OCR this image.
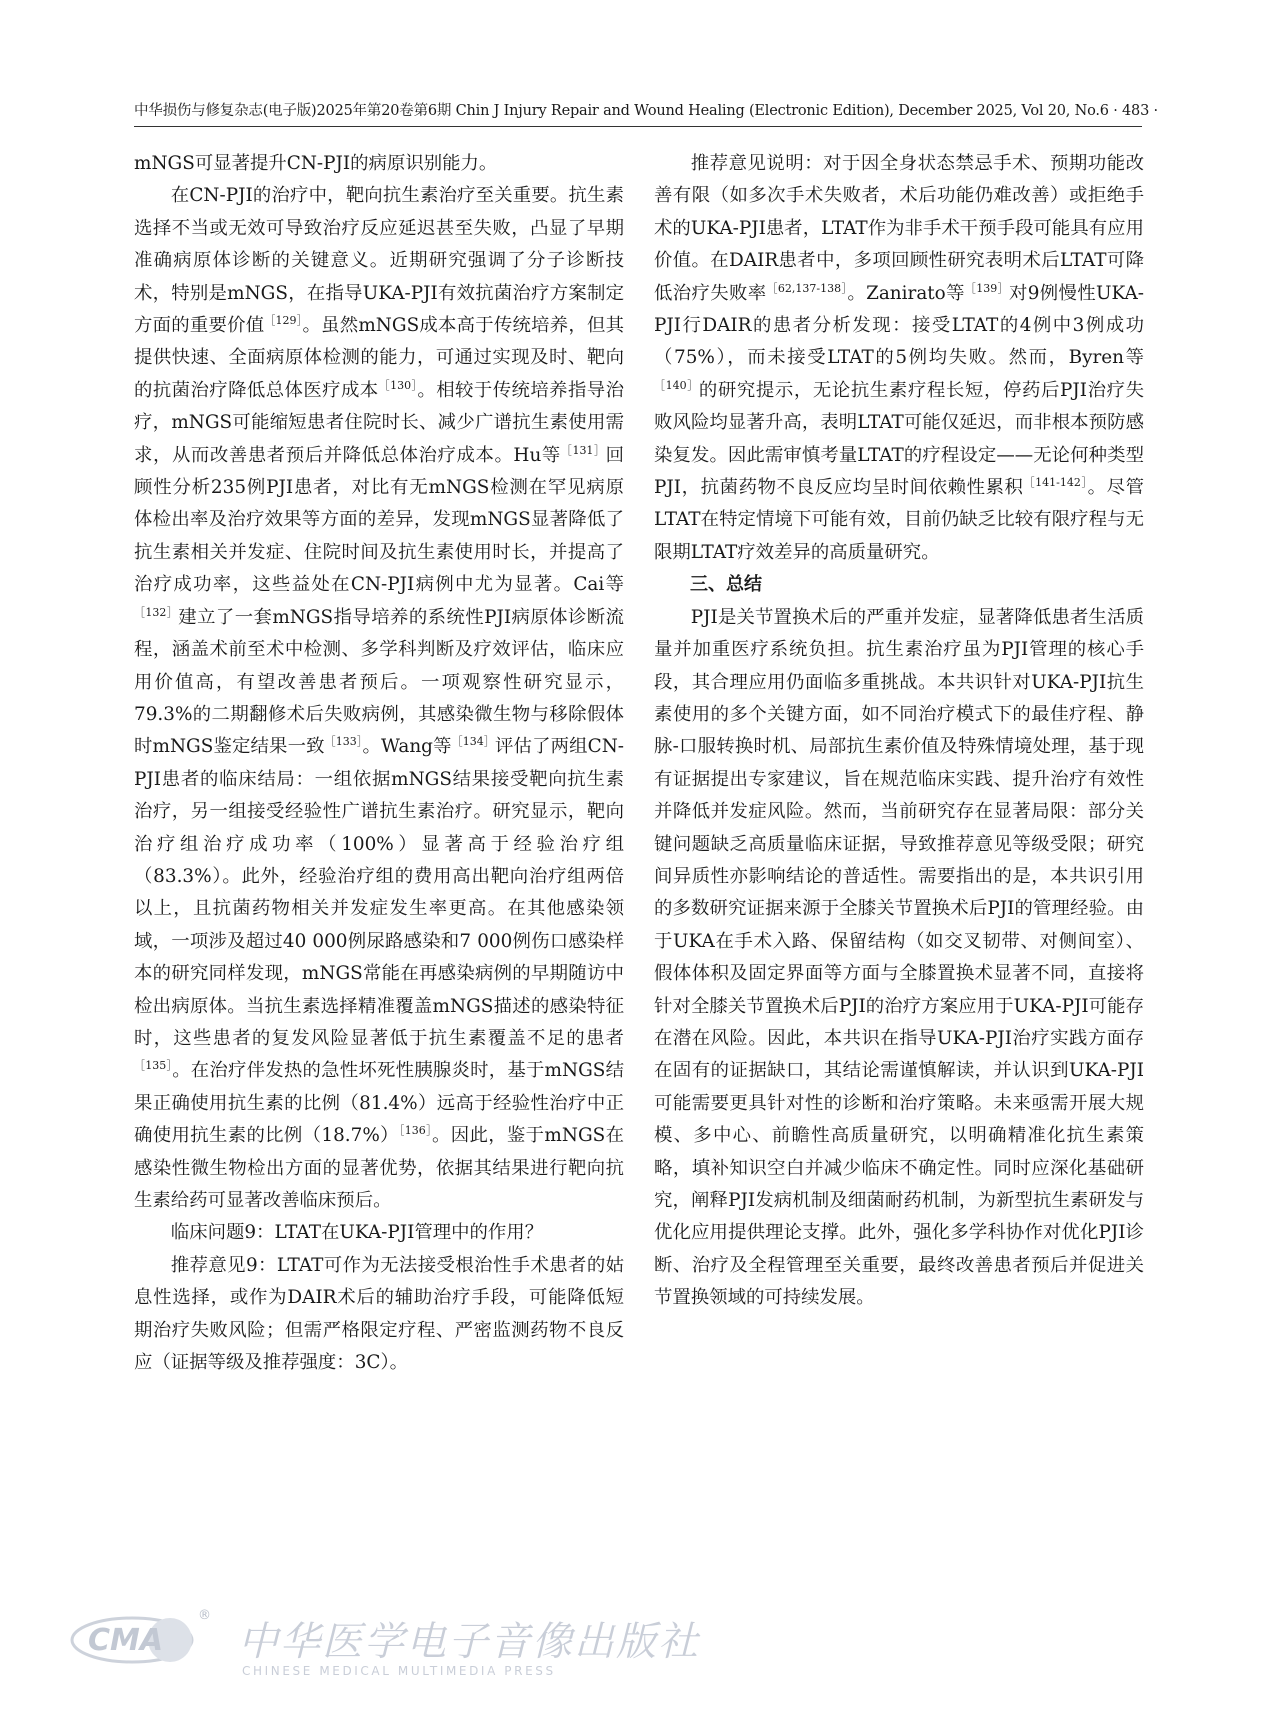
中华损伤与修复杂志(电子版)2025年第20卷第6期 Chin J Injury Repair and Wound Healing (Electronic Edition), December 2025, Vol 20, No.6 · 483 ·

mNGS可显著提升CN-PJI的病原识别能力。

在CN-PJI的治疗中，靶向抗生素治疗至关重要。抗生素选择不当或无效可导致治疗反应延迟甚至失败，凸显了早期准确病原体诊断的关键意义。近期研究强调了分子诊断技术，特别是mNGS，在指导UKA-PJI有效抗菌治疗方案制定方面的重要价值$^{[129]}$。虽然mNGS成本高于传统培养，但其提供快速、全面病原体检测的能力，可通过实现及时、靶向的抗菌治疗降低总体医疗成本$^{[130]}$。相较于传统培养指导治疗，mNGS可能缩短患者住院时长、减少广谱抗生素使用需求，从而改善患者预后并降低总体治疗成本。Hu等$^{[131]}$回顾性分析235例PJI患者，对比有无mNGS检测在罕见病原体检出率及治疗效果等方面的差异，发现mNGS显著降低了抗生素相关并发症、住院时间及抗生素使用时长，并提高了治疗成功率，这些益处在CN-PJI病例中尤为显著。Cai等$^{[132]}$建立了一套mNGS指导培养的系统性PJI病原体诊断流程，涵盖术前至术中检测、多学科判断及疗效评估，临床应用价值高，有望改善患者预后。一项观察性研究显示，79.3%的二期翻修术后失败病例，其感染微生物与移除假体时mNGS鉴定结果一致$^{[133]}$。Wang等$^{[134]}$评估了两组CN-PJI患者的临床结局：一组依据mNGS结果接受靶向抗生素治疗，另一组接受经验性广谱抗生素治疗。研究显示，靶向治疗组治疗成功率（100%）显著高于经验治疗组（83.3%）。此外，经验治疗组的费用高出靶向治疗组两倍以上，且抗菌药物相关并发症发生率更高。在其他感染领域，一项涉及超过40 000例尿路感染和7 000例伤口感染样本的研究同样发现，mNGS常能在再感染病例的早期随访中检出病原体。当抗生素选择精准覆盖mNGS描述的感染特征时，这些患者的复发风险显著低于抗生素覆盖不足的患者$^{[135]}$。在治疗伴发热的急性坏死性胰腺炎时，基于mNGS结果正确使用抗生素的比例（81.4%）远高于经验性治疗中正确使用抗生素的比例$(18.7\%)^{[136]}$。因此，鉴于mNGS在感染性微生物检出方面的显著优势，依据其结果进行靶向抗生素给药可显著改善临床预后。

临床问题9：LTAT在UKA-PJI管理中的作用？

推荐意见9：LTAT可作为无法接受根治性手术患者的姑息性选择，或作为DAIR术后的辅助治疗手段，可能降低短期治疗失败风险；但需严格限定疗程、严密监测药物不良反应（证据等级及推荐强度：3C）。

推荐意见说明：对于因全身状态禁忌手术、预期功能改善有限（如多次手术失败者，术后功能仍难改善）或拒绝手术的UKA-PJI患者，LTAT作为非手术干预手段可能具有应用价值。在DAIR患者中，多项回顾性研究表明术后LTAT可降低治疗失败率$^{[62,137-138]}$。Zanirato等$^{[139]}$对9例慢性UKA-PJI行DAIR的患者分析发现：接受LTAT的4例中3例成功（75%），而未接受LTAT的5例均失败。然而，Byren等$^{[140]}$的研究提示，无论抗生素疗程长短，停药后PJI治疗失败风险均显著升高，表明LTAT可能仅延迟，而非根本预防感染复发。因此需审慎考量LTAT的疗程设定——无论何种类型PJI，抗菌药物不良反应均呈时间依赖性累积$^{[141-142]}$。尽管LTAT在特定情境下可能有效，目前仍缺乏比较有限疗程与无限期LTAT疗效差异的高质量研究。

三、总结

PJI是关节置换术后的严重并发症，显著降低患者生活质量并加重医疗系统负担。抗生素治疗虽为PJI管理的核心手段，其合理应用仍面临多重挑战。本共识针对UKA-PJI抗生素使用的多个关键方面，如不同治疗模式下的最佳疗程、静脉-口服转换时机、局部抗生素价值及特殊情境处理，基于现有证据提出专家建议，旨在规范临床实践、提升治疗有效性并降低并发症风险。然而，当前研究存在显著局限：部分关键问题缺乏高质量临床证据，导致推荐意见等级受限；研究间异质性亦影响结论的普适性。需要指出的是，本共识引用的多数研究证据来源于全膝关节置换术后PJI的管理经验。由于UKA在手术入路、保留结构（如交叉韧带、对侧间室）、假体体积及固定界面等方面与全膝置换术显著不同，直接将针对全膝关节置换术后PJI的治疗方案应用于UKA-PJI可能存在潜在风险。因此，本共识在指导UKA-PJI治疗实践方面存在固有的证据缺口，其结论需谨慎解读，并认识到UKA-PJI可能需要更具针对性的诊断和治疗策略。未来亟需开展大规模、多中心、前瞻性高质量研究，以明确精准化抗生素策略，填补知识空白并减少临床不确定性。同时应深化基础研究，阐释PJI发病机制及细菌耐药机制，为新型抗生素研发与优化应用提供理论支撑。此外，强化多学科协作对优化PJI诊断、治疗及全程管理至关重要，最终改善患者预后并促进关节置换领域的可持续发展。

CMA
®
中华医学电子音像出版社
CHINESE MEDICAL MULTIMEDIA PRESS
